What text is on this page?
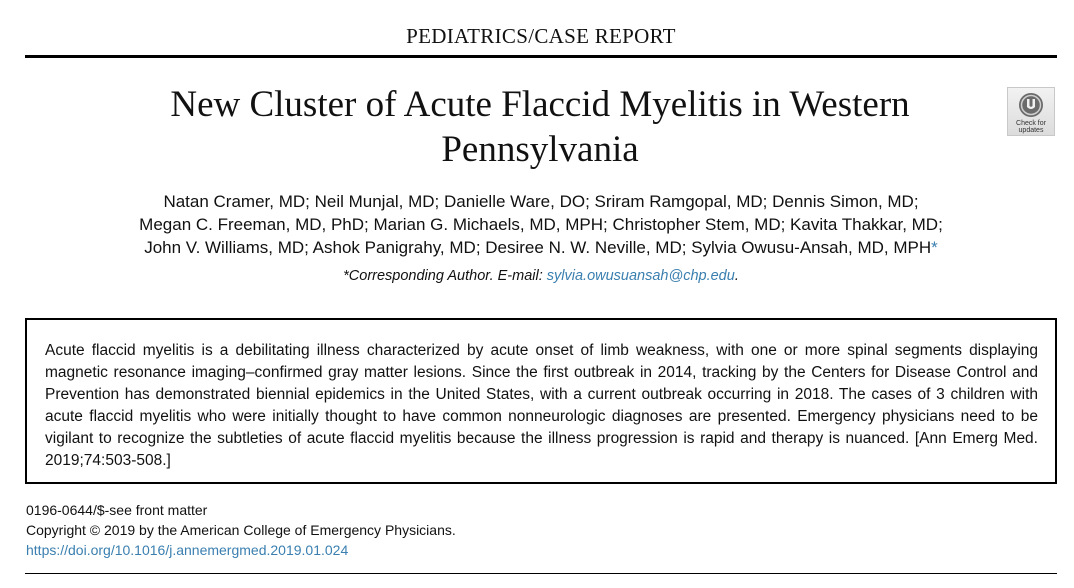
PEDIATRICS/CASE REPORT
New Cluster of Acute Flaccid Myelitis in Western Pennsylvania
Check for
updates
Natan Cramer, MD; Neil Munjal, MD; Danielle Ware, DO; Sriram Ramgopal, MD; Dennis Simon, MD;
Megan C. Freeman, MD, PhD; Marian G. Michaels, MD, MPH; Christopher Stem, MD; Kavita Thakkar, MD;
John V. Williams, MD; Ashok Panigrahy, MD; Desiree N. W. Neville, MD; Sylvia Owusu-Ansah, MD, MPH*
*Corresponding Author. E-mail: sylvia.owusuansah@chp.edu.

Acute flaccid myelitis is a debilitating illness characterized by acute onset of limb weakness, with one or more spinal segments displaying magnetic resonance imaging–confirmed gray matter lesions. Since the first outbreak in 2014, tracking by the Centers for Disease Control and Prevention has demonstrated biennial epidemics in the United States, with a current outbreak occurring in 2018. The cases of 3 children with acute flaccid myelitis who were initially thought to have common nonneurologic diagnoses are presented. Emergency physicians need to be vigilant to recognize the subtleties of acute flaccid myelitis because the illness progression is rapid and therapy is nuanced. [Ann Emerg Med. 2019;74:503-508.]

0196-0644/$-see front matter
Copyright © 2019 by the American College of Emergency Physicians.
https://doi.org/10.1016/j.annemergmed.2019.01.024
